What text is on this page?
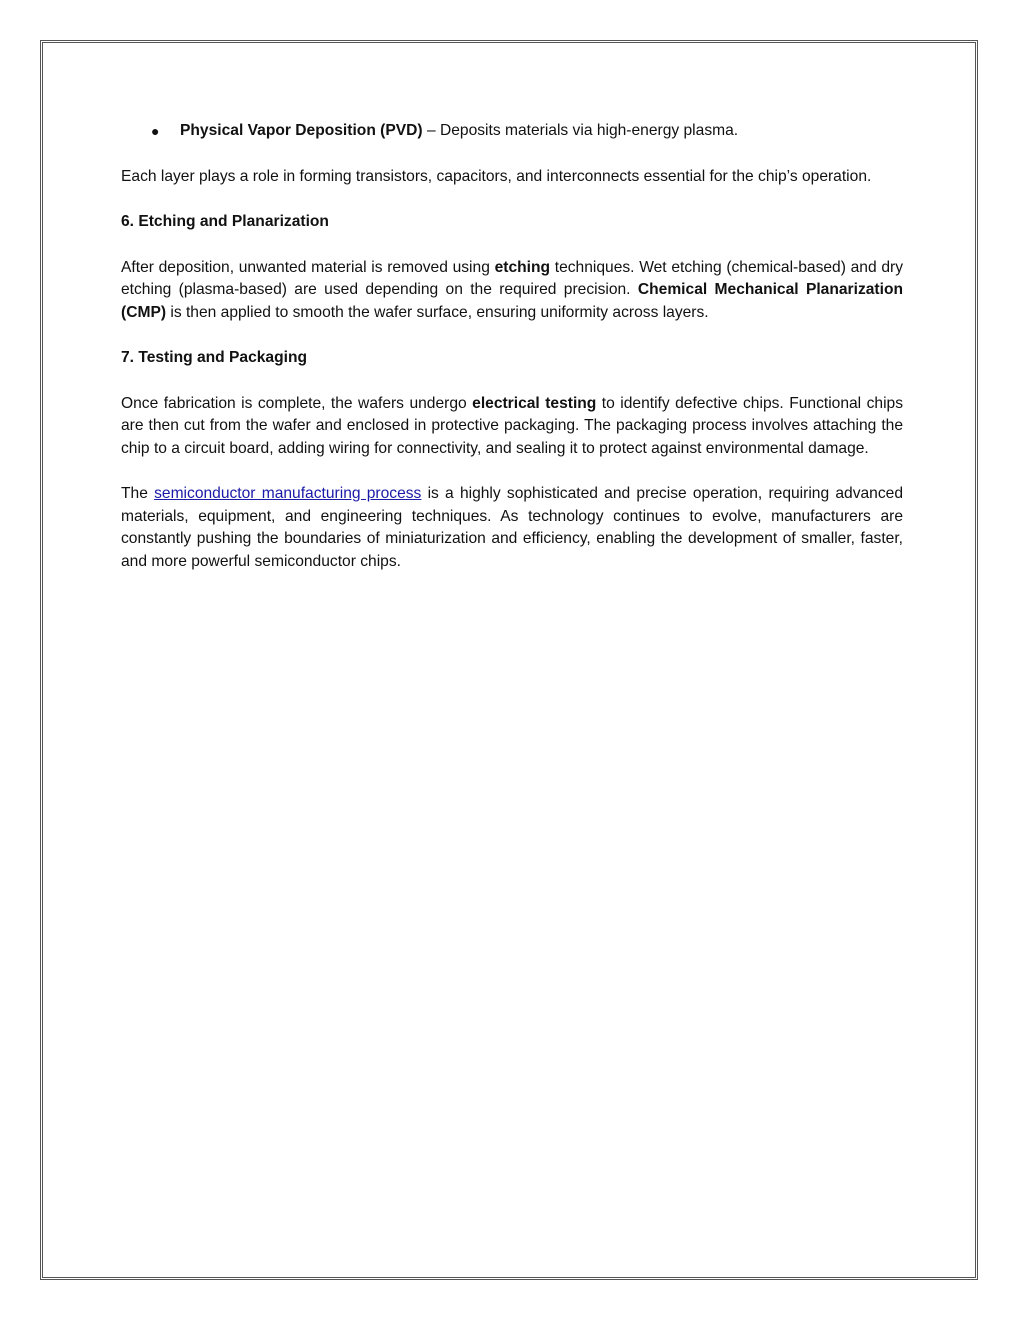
● Physical Vapor Deposition (PVD) – Deposits materials via high-energy plasma.

Each layer plays a role in forming transistors, capacitors, and interconnects essential for the chip’s operation.

6. Etching and Planarization

After deposition, unwanted material is removed using etching techniques. Wet etching (chemical-based) and dry etching (plasma-based) are used depending on the required precision. Chemical Mechanical Planarization (CMP) is then applied to smooth the wafer surface, ensuring uniformity across layers.

7. Testing and Packaging

Once fabrication is complete, the wafers undergo electrical testing to identify defective chips. Functional chips are then cut from the wafer and enclosed in protective packaging. The packaging process involves attaching the chip to a circuit board, adding wiring for connectivity, and sealing it to protect against environmental damage.

The semiconductor manufacturing process is a highly sophisticated and precise operation, requiring advanced materials, equipment, and engineering techniques. As technology continues to evolve, manufacturers are constantly pushing the boundaries of miniaturization and efficiency, enabling the development of smaller, faster, and more powerful semiconductor chips.
